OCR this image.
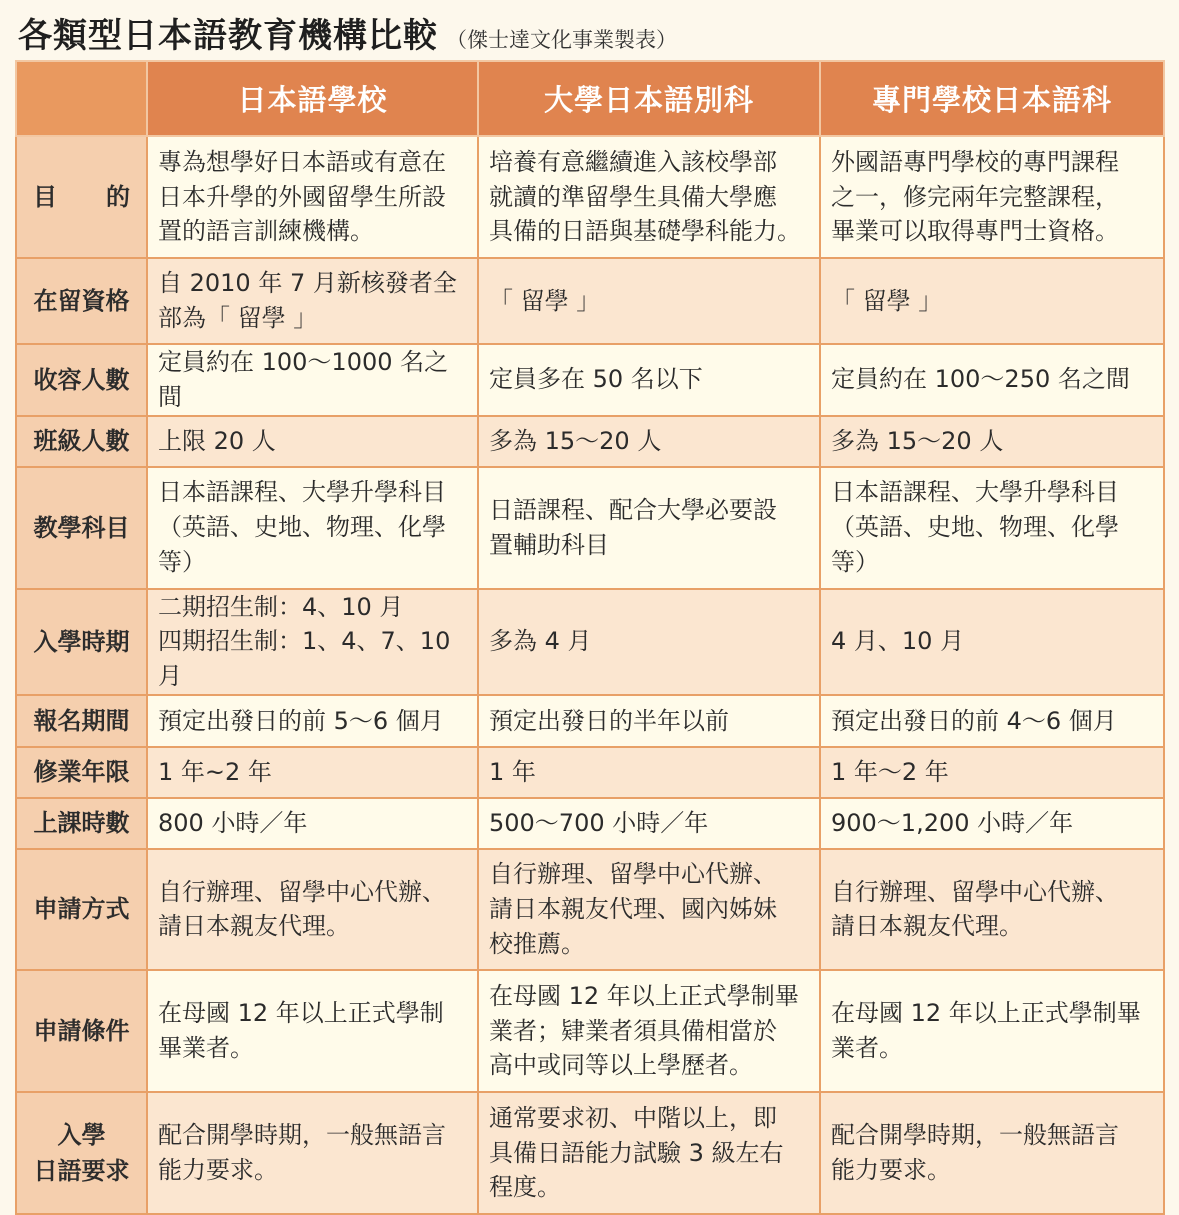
各類型日本語教育機構比較 （傑士達文化事業製表）
	日本語學校	大學日本語別科	專門學校日本語科
目　的	專為想學好日本語或有意在
日本升學的外國留學生所設
置的語言訓練機構。	培養有意繼續進入該校學部
就讀的準留學生具備大學應
具備的日語與基礎學科能力。	外國語專門學校的專門課程
之一，修完兩年完整課程，
畢業可以取得專門士資格。
在留資格	自 2010 年 7 月新核發者全
部為「 留學 」	「 留學 」	「 留學 」
收容人數	定員約在 100～1000 名之間	定員多在 50 名以下	定員約在 100～250 名之間
班級人數	上限 20 人	多為 15～20 人	多為 15～20 人
教學科目	日本語課程、大學升學科目
（英語、史地、物理、化學
等）	日語課程、配合大學必要設
置輔助科目	日本語課程、大學升學科目
（英語、史地、物理、化學
等）
入學時期	二期招生制：4、10 月
四期招生制：1、4、7、10 月	多為 4 月	4 月、10 月
報名期間	預定出發日的前 5～6 個月	預定出發日的半年以前	預定出發日的前 4～6 個月
修業年限	1 年~2 年	1 年	1 年～2 年
上課時數	800 小時／年	500～700 小時／年	900～1,200 小時／年
申請方式	自行辦理、留學中心代辦、
請日本親友代理。	自行辦理、留學中心代辦、
請日本親友代理、國內姊妹
校推薦。	自行辦理、留學中心代辦、
請日本親友代理。
申請條件	在母國 12 年以上正式學制
畢業者。	在母國 12 年以上正式學制畢
業者；肄業者須具備相當於
高中或同等以上學歷者。	在母國 12 年以上正式學制畢
業者。
入學
日語要求	配合開學時期，一般無語言
能力要求。	通常要求初、中階以上，即
具備日語能力試驗 3 級左右
程度。	配合開學時期，一般無語言
能力要求。
